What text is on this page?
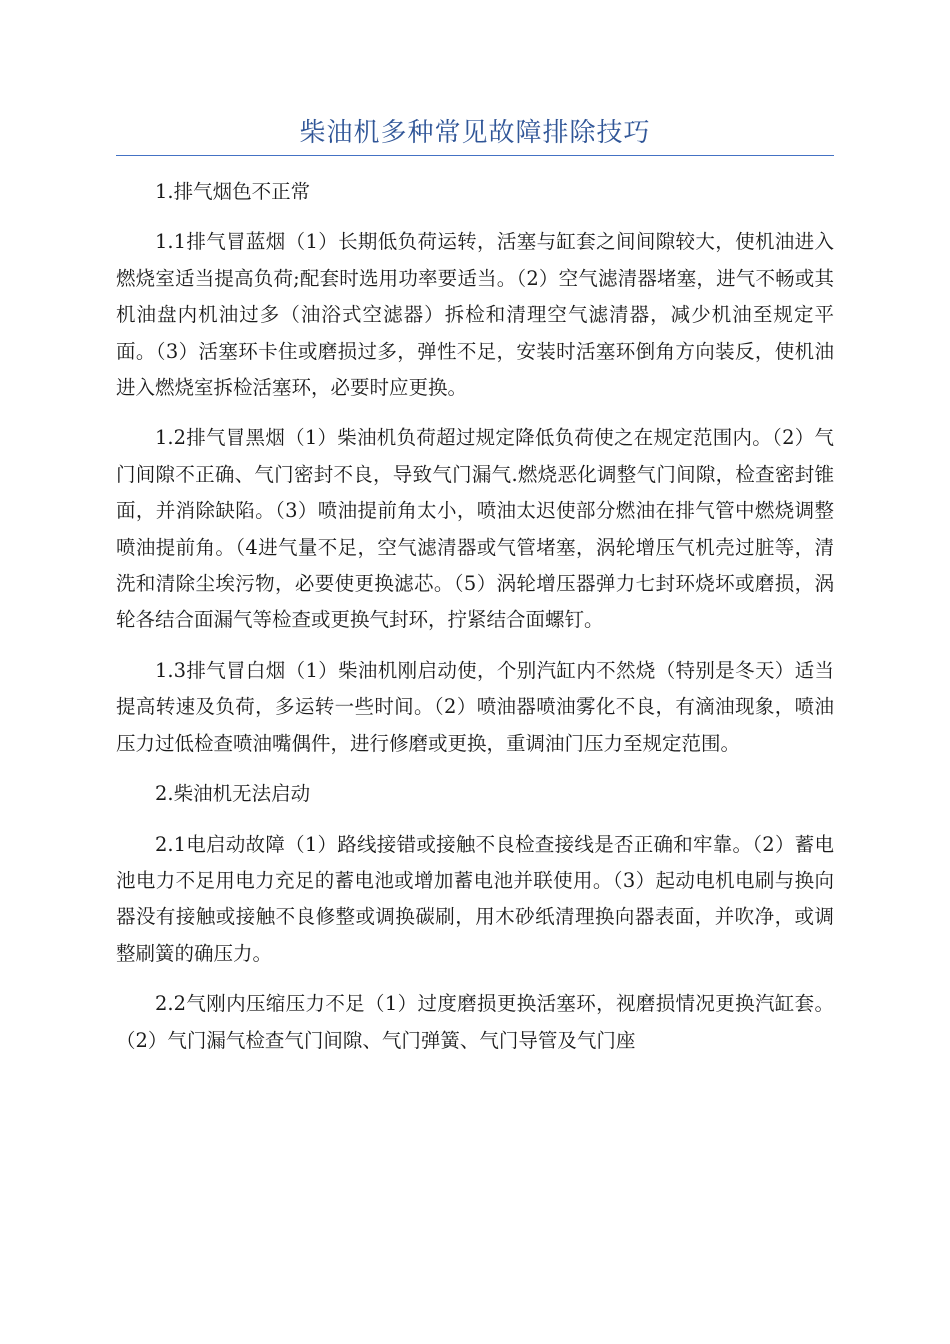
柴油机多种常见故障排除技巧

1.排气烟色不正常

1.1排气冒蓝烟（1）长期低负荷运转，活塞与缸套之间间隙较大，使机油进入燃烧室适当提高负荷;配套时选用功率要适当。（2）空气滤清器堵塞，进气不畅或其机油盘内机油过多（油浴式空滤器）拆检和清理空气滤清器，减少机油至规定平面。（3）活塞环卡住或磨损过多，弹性不足，安装时活塞环倒角方向装反，使机油进入燃烧室拆检活塞环，必要时应更换。

1.2排气冒黑烟（1）柴油机负荷超过规定降低负荷使之在规定范围内。（2）气门间隙不正确、气门密封不良，导致气门漏气.燃烧恶化调整气门间隙，检查密封锥面，并消除缺陷。（3）喷油提前角太小，喷油太迟使部分燃油在排气管中燃烧调整喷油提前角。（4进气量不足，空气滤清器或气管堵塞，涡轮增压气机壳过脏等，清洗和清除尘埃污物，必要使更换滤芯。（5）涡轮增压器弹力七封环烧坏或磨损，涡轮各结合面漏气等检查或更换气封环，拧紧结合面螺钉。

1.3排气冒白烟（1）柴油机刚启动使，个别汽缸内不然烧（特别是冬天）适当提高转速及负荷，多运转一些时间。（2）喷油器喷油雾化不良，有滴油现象，喷油压力过低检查喷油嘴偶件，进行修磨或更换，重调油门压力至规定范围。

2.柴油机无法启动

2.1电启动故障（1）路线接错或接触不良检查接线是否正确和牢靠。（2）蓄电池电力不足用电力充足的蓄电池或增加蓄电池并联使用。（3）起动电机电刷与换向器没有接触或接触不良修整或调换碳刷，用木砂纸清理换向器表面，并吹净，或调整刷簧的确压力。

2.2气刚内压缩压力不足（1）过度磨损更换活塞环，视磨损情况更换汽缸套。（2）气门漏气检查气门间隙、气门弹簧、气门导管及气门座
